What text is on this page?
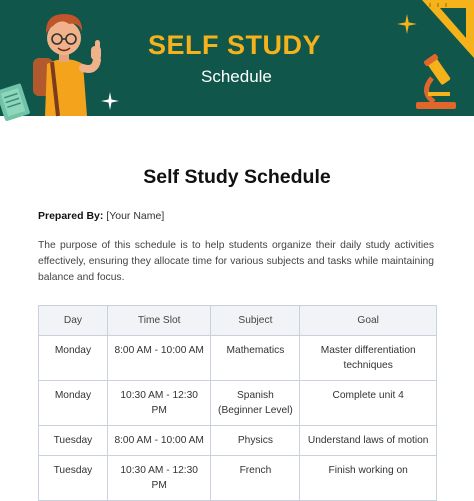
SELF STUDY
Schedule
Self Study Schedule
Prepared By: [Your Name]

The purpose of this schedule is to help students organize their daily study activities effectively, ensuring they allocate time for various subjects and tasks while maintaining balance and focus.

Day	Time Slot	Subject	Goal
Monday	8:00 AM - 10:00 AM	Mathematics	Master differentiation techniques
Monday	10:30 AM - 12:30 PM	Spanish (Beginner Level)	Complete unit 4
Tuesday	8:00 AM - 10:00 AM	Physics	Understand laws of motion
Tuesday	10:30 AM - 12:30 PM	French	Finish working on
